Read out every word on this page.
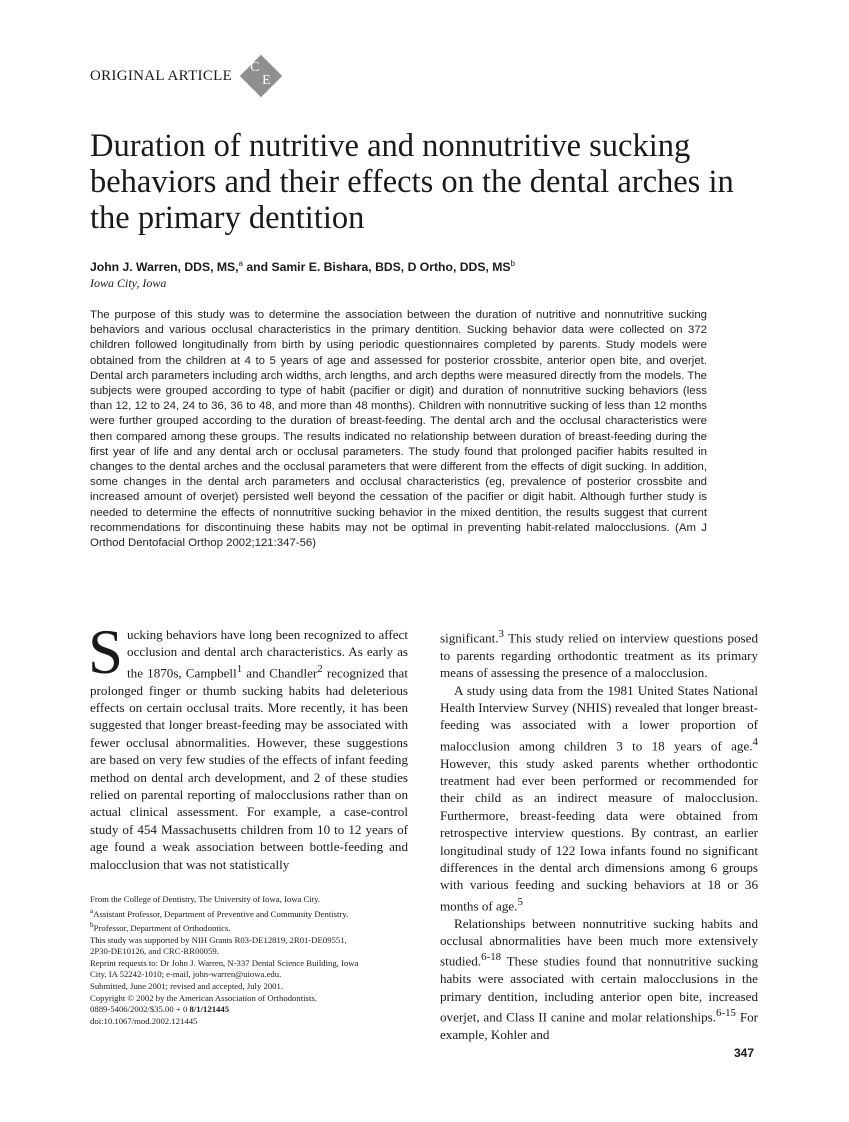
ORIGINAL ARTICLE C
E
Duration of nutritive and nonnutritive sucking behaviors and their effects on the dental arches in the primary dentition
John J. Warren, DDS, MS,$^a$ and Samir E. Bishara, BDS, D Ortho, DDS, $MS^b$
Iowa City, Iowa

The purpose of this study was to determine the association between the duration of nutritive and nonnutritive sucking behaviors and various occlusal characteristics in the primary dentition. Sucking behavior data were collected on 372 children followed longitudinally from birth by using periodic questionnaires completed by parents. Study models were obtained from the children at 4 to 5 years of age and assessed for posterior crossbite, anterior open bite, and overjet. Dental arch parameters including arch widths, arch lengths, and arch depths were measured directly from the models. The subjects were grouped according to type of habit (pacifier or digit) and duration of nonnutritive sucking behaviors (less than 12, 12 to 24, 24 to 36, 36 to 48, and more than 48 months). Children with nonnutritive sucking of less than 12 months were further grouped according to the duration of breast-feeding. The dental arch and the occlusal characteristics were then compared among these groups. The results indicated no relationship between duration of breast-feeding during the first year of life and any dental arch or occlusal parameters. The study found that prolonged pacifier habits resulted in changes to the dental arches and the occlusal parameters that were different from the effects of digit sucking. In addition, some changes in the dental arch parameters and occlusal characteristics (eg, prevalence of posterior crossbite and increased amount of overjet) persisted well beyond the cessation of the pacifier or digit habit. Although further study is needed to determine the effects of nonnutritive sucking behavior in the mixed dentition, the results suggest that current recommendations for discontinuing these habits may not be optimal in preventing habit-related malocclusions. (Am J Orthod Dentofacial Orthop 2002;121:347-56)

Sucking behaviors have long been recognized to affect occlusion and dental arch characteristics. As early as the 1870s, Campbell$^1$ and Chandler$^2$ recognized that prolonged finger or thumb sucking habits had deleterious effects on certain occlusal traits. More recently, it has been suggested that longer breast-feeding may be associated with fewer occlusal abnormalities. However, these suggestions are based on very few studies of the effects of infant feeding method on dental arch development, and 2 of these studies relied on parental reporting of malocclusions rather than on actual clinical assessment. For example, a case-control study of 454 Massachusetts children from 10 to 12 years of age found a weak association between bottle-feeding and malocclusion that was not statistically

From the College of Dentistry, The University of Iowa, Iowa City.
$^a$Assistant Professor, Department of Preventive and Community Dentistry.
$^b$Professor, Department of Orthodontics.
This study was supported by NIH Grants R03-DE12819, 2R01-DE09551,
2P30-DE10126, and CRC-RR00059.
Reprint requests to: Dr John J. Warren, N-337 Dental Science Building, Iowa
City, IA 52242-1010; e-mail, john-warren@uiowa.edu.
Submitted, June 2001; revised and accepted, July 2001.
Copyright © 2002 by the American Association of Orthodontists.
0889-5406/2002/$35.00 + 0 8/1/121445
doi:10.1067/mod.2002.121445

significant.$^3$ This study relied on interview questions posed to parents regarding orthodontic treatment as its primary means of assessing the presence of a malocclusion.

A study using data from the 1981 United States National Health Interview Survey (NHIS) revealed that longer breast-feeding was associated with a lower proportion of malocclusion among children 3 to 18 years of age.$^4$ However, this study asked parents whether orthodontic treatment had ever been performed or recommended for their child as an indirect measure of malocclusion. Furthermore, breast-feeding data were obtained from retrospective interview questions. By contrast, an earlier longitudinal study of 122 Iowa infants found no significant differences in the dental arch dimensions among 6 groups with various feeding and sucking behaviors at 18 or 36 months of age.$^5$

Relationships between nonnutritive sucking habits and occlusal abnormalities have been much more extensively studied.$^{6-18}$ These studies found that nonnutritive sucking habits were associated with certain malocclusions in the primary dentition, including anterior open bite, increased overjet, and Class II canine and molar relationships.$^{6-15}$ For example, Kohler and

347
